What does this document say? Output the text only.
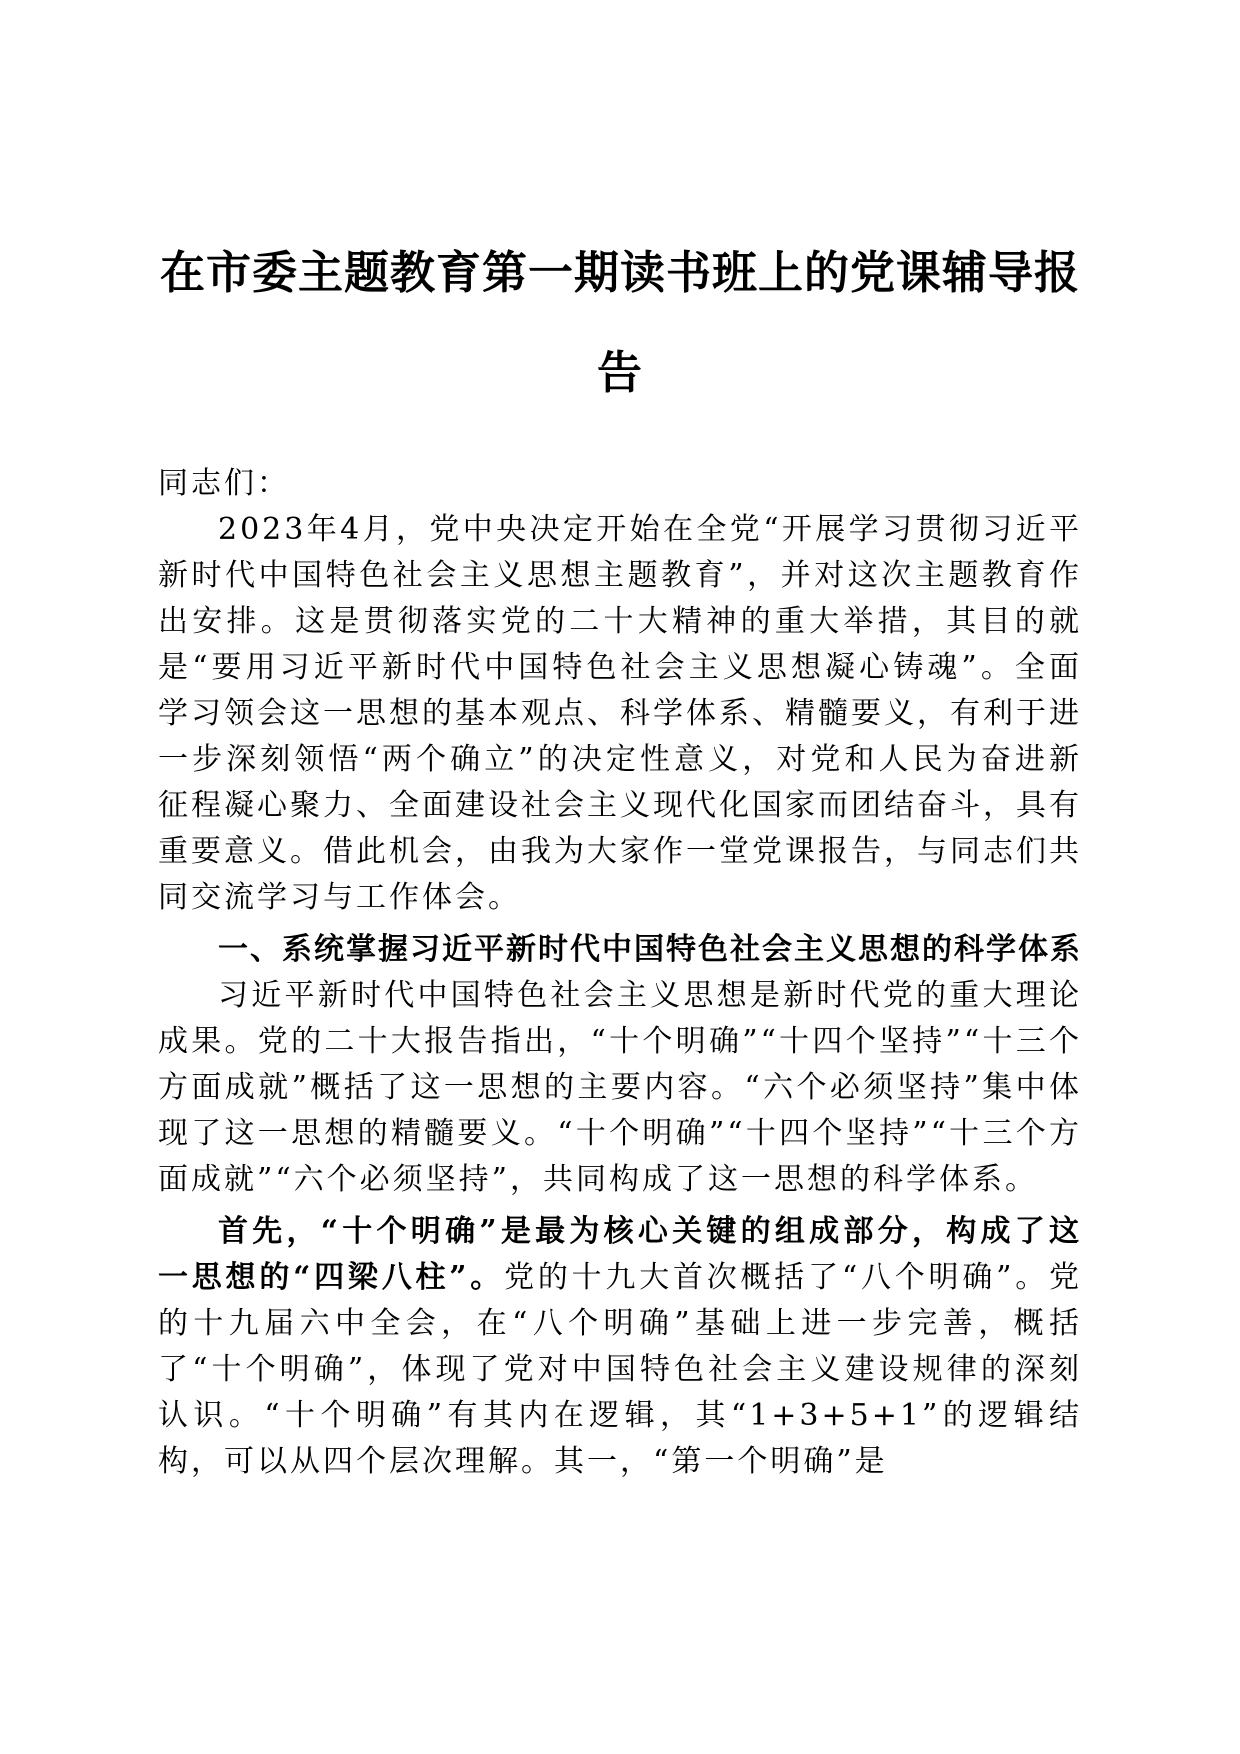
在市委主题教育第一期读书班上的党课辅导报告

同志们：

2023年4月，党中央决定开始在全党“开展学习贯彻习近平新时代中国特色社会主义思想主题教育”，并对这次主题教育作出安排。这是贯彻落实党的二十大精神的重大举措，其目的就是“要用习近平新时代中国特色社会主义思想凝心铸魂”。全面学习领会这一思想的基本观点、科学体系、精髓要义，有利于进一步深刻领悟“两个确立”的决定性意义，对党和人民为奋进新征程凝心聚力、全面建设社会主义现代化国家而团结奋斗，具有重要意义。借此机会，由我为大家作一堂党课报告，与同志们共同交流学习与工作体会。

一、系统掌握习近平新时代中国特色社会主义思想的科学体系

习近平新时代中国特色社会主义思想是新时代党的重大理论成果。党的二十大报告指出，“十个明确”“十四个坚持”“十三个方面成就”概括了这一思想的主要内容。“六个必须坚持”集中体现了这一思想的精髓要义。“十个明确”“十四个坚持”“十三个方面成就”“六个必须坚持”，共同构成了这一思想的科学体系。

首先，“十个明确”是最为核心关键的组成部分，构成了这一思想的“四梁八柱”。党的十九大首次概括了“八个明确”。党的十九届六中全会，在“八个明确”基础上进一步完善，概括了“十个明确”，体现了党对中国特色社会主义建设规律的深刻认识。“十个明确”有其内在逻辑，其“1+3+5+1”的逻辑结构，可以从四个层次理解。其一，“第一个明确”是
